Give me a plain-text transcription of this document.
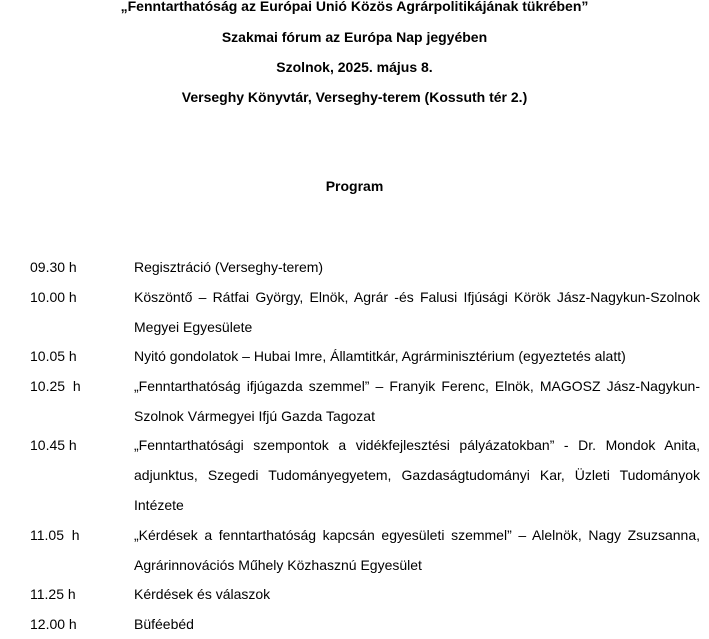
„Fenntarthatóság az Európai Unió Közös Agrárpolitikájának tükrében”
Szakmai fórum az Európa Nap jegyében
Szolnok, 2025. május 8.
Verseghy Könyvtár, Verseghy-terem (Kossuth tér 2.)
Program
09.30 h	Regisztráció (Verseghy-terem)
10.00 h	Köszöntő – Rátfai György, Elnök, Agrár -és Falusi Ifjúsági Körök Jász-Nagykun-Szolnok Megyei Egyesülete
10.05 h	Nyitó gondolatok – Hubai Imre, Államtitkár, Agrárminisztérium (egyeztetés alatt)
10.25  h	„Fenntarthatóság ifjúgazda szemmel” – Franyik Ferenc, Elnök, MAGOSZ Jász-Nagykun-Szolnok Vármegyei Ifjú Gazda Tagozat
10.45 h	„Fenntarthatósági szempontok a vidékfejlesztési pályázatokban” - Dr. Mondok Anita, adjunktus, Szegedi Tudományegyetem, Gazdaságtudományi Kar, Üzleti Tudományok Intézete
11.05  h	„Kérdések a fenntarthatóság kapcsán egyesületi szemmel” – Alelnök, Nagy Zsuzsanna, Agrárinnovációs Műhely Közhasznú Egyesület
11.25 h	Kérdések és válaszok
12.00 h	Büféebéd
